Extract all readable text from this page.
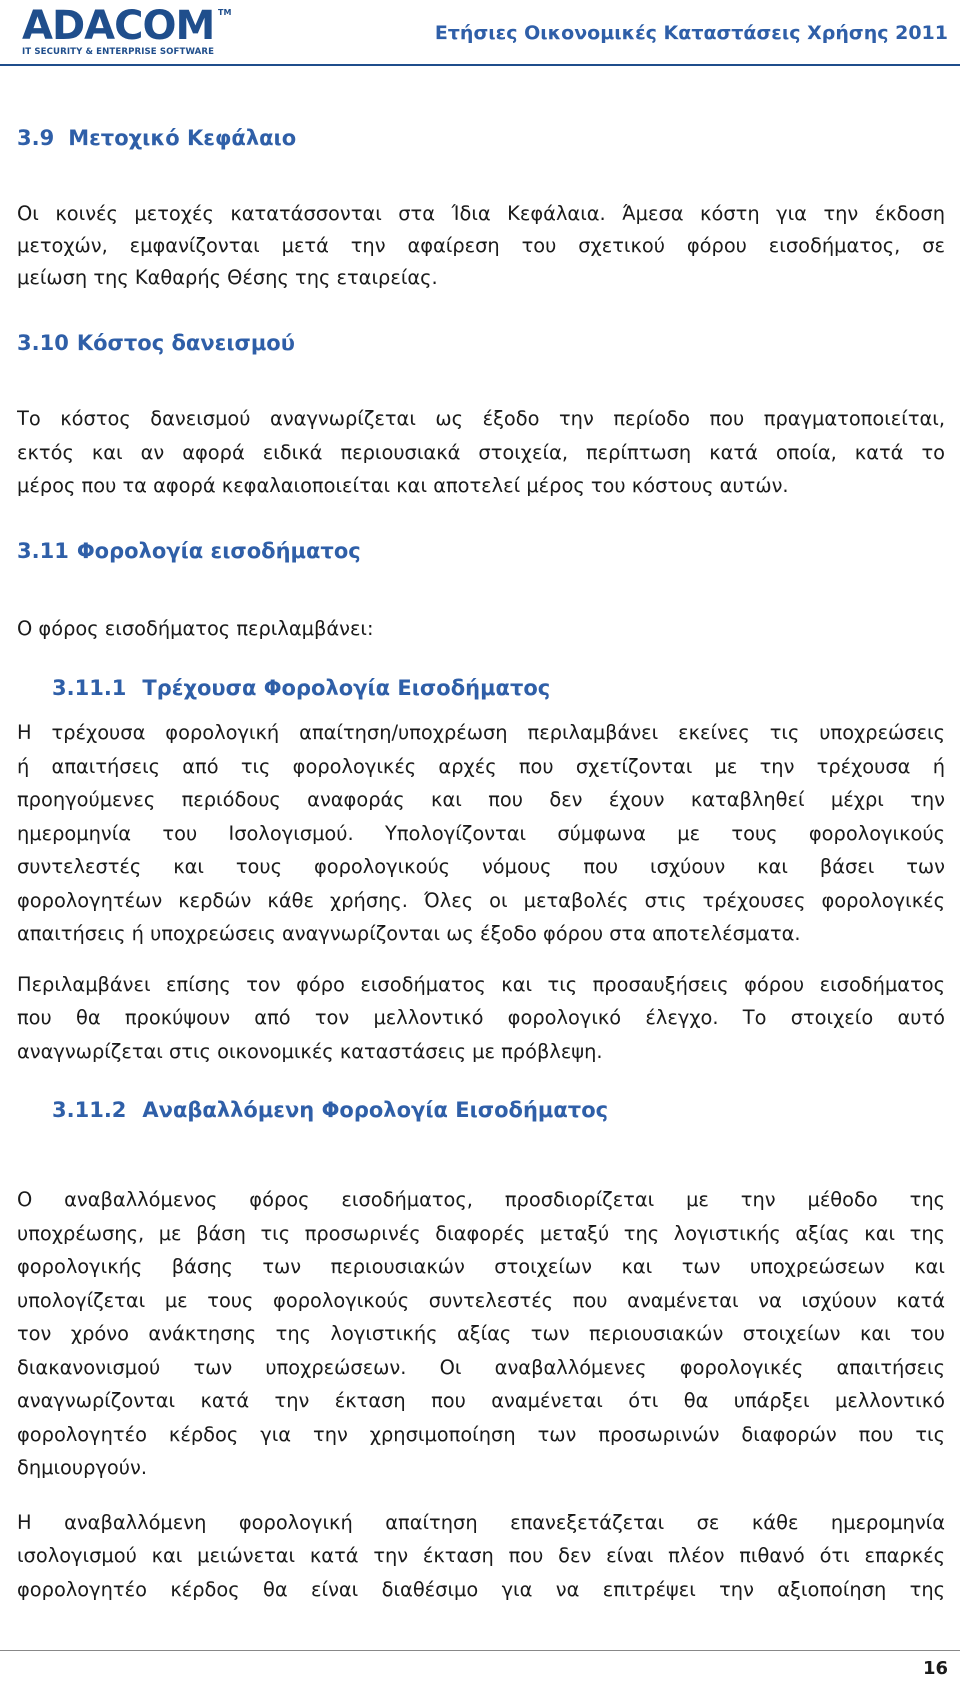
ADACOM TM
IT SECURITY & ENTERPRISE SOFTWARE
Ετήσιες Οικονομικές Καταστάσεις Χρήσης 2011
3.9 Μετοχικό Κεφάλαιο
Οι κοινές μετοχές κατατάσσονται στα Ίδια Κεφάλαια. Άμεσα κόστη για την έκδοση
μετοχών, εμφανίζονται μετά την αφαίρεση του σχετικού φόρου εισοδήματος, σε
μείωση της Καθαρής Θέσης της εταιρείας.
3.10 Κόστος δανεισμού
Το κόστος δανεισμού αναγνωρίζεται ως έξοδο την περίοδο που πραγματοποιείται,
εκτός και αν αφορά ειδικά περιουσιακά στοιχεία, περίπτωση κατά οποία, κατά το
μέρος που τα αφορά κεφαλαιοποιείται και αποτελεί μέρος του κόστους αυτών.
3.11 Φορολογία εισοδήματος
Ο φόρος εισοδήματος περιλαμβάνει:
3.11.1 Τρέχουσα Φορολογία Εισοδήματος
Η τρέχουσα φορολογική απαίτηση/υποχρέωση περιλαμβάνει εκείνες τις υποχρεώσεις
ή απαιτήσεις από τις φορολογικές αρχές που σχετίζονται με την τρέχουσα ή
προηγούμενες περιόδους αναφοράς και που δεν έχουν καταβληθεί μέχρι την
ημερομηνία του Ισολογισμού. Υπολογίζονται σύμφωνα με τους φορολογικούς
συντελεστές και τους φορολογικούς νόμους που ισχύουν και βάσει των
φορολογητέων κερδών κάθε χρήσης. Όλες οι μεταβολές στις τρέχουσες φορολογικές
απαιτήσεις ή υποχρεώσεις αναγνωρίζονται ως έξοδο φόρου στα αποτελέσματα.
Περιλαμβάνει επίσης τον φόρο εισοδήματος και τις προσαυξήσεις φόρου εισοδήματος
που θα προκύψουν από τον μελλοντικό φορολογικό έλεγχο. Το στοιχείο αυτό
αναγνωρίζεται στις οικονομικές καταστάσεις με πρόβλεψη.
3.11.2 Αναβαλλόμενη Φορολογία Εισοδήματος
Ο αναβαλλόμενος φόρος εισοδήματος, προσδιορίζεται με την μέθοδο της
υποχρέωσης, με βάση τις προσωρινές διαφορές μεταξύ της λογιστικής αξίας και της
φορολογικής βάσης των περιουσιακών στοιχείων και των υποχρεώσεων και
υπολογίζεται με τους φορολογικούς συντελεστές που αναμένεται να ισχύουν κατά
τον χρόνο ανάκτησης της λογιστικής αξίας των περιουσιακών στοιχείων και του
διακανονισμού των υποχρεώσεων. Οι αναβαλλόμενες φορολογικές απαιτήσεις
αναγνωρίζονται κατά την έκταση που αναμένεται ότι θα υπάρξει μελλοντικό
φορολογητέο κέρδος για την χρησιμοποίηση των προσωρινών διαφορών που τις
δημιουργούν.
Η αναβαλλόμενη φορολογική απαίτηση επανεξετάζεται σε κάθε ημερομηνία
ισολογισμού και μειώνεται κατά την έκταση που δεν είναι πλέον πιθανό ότι επαρκές
φορολογητέο κέρδος θα είναι διαθέσιμο για να επιτρέψει την αξιοποίηση της
16
